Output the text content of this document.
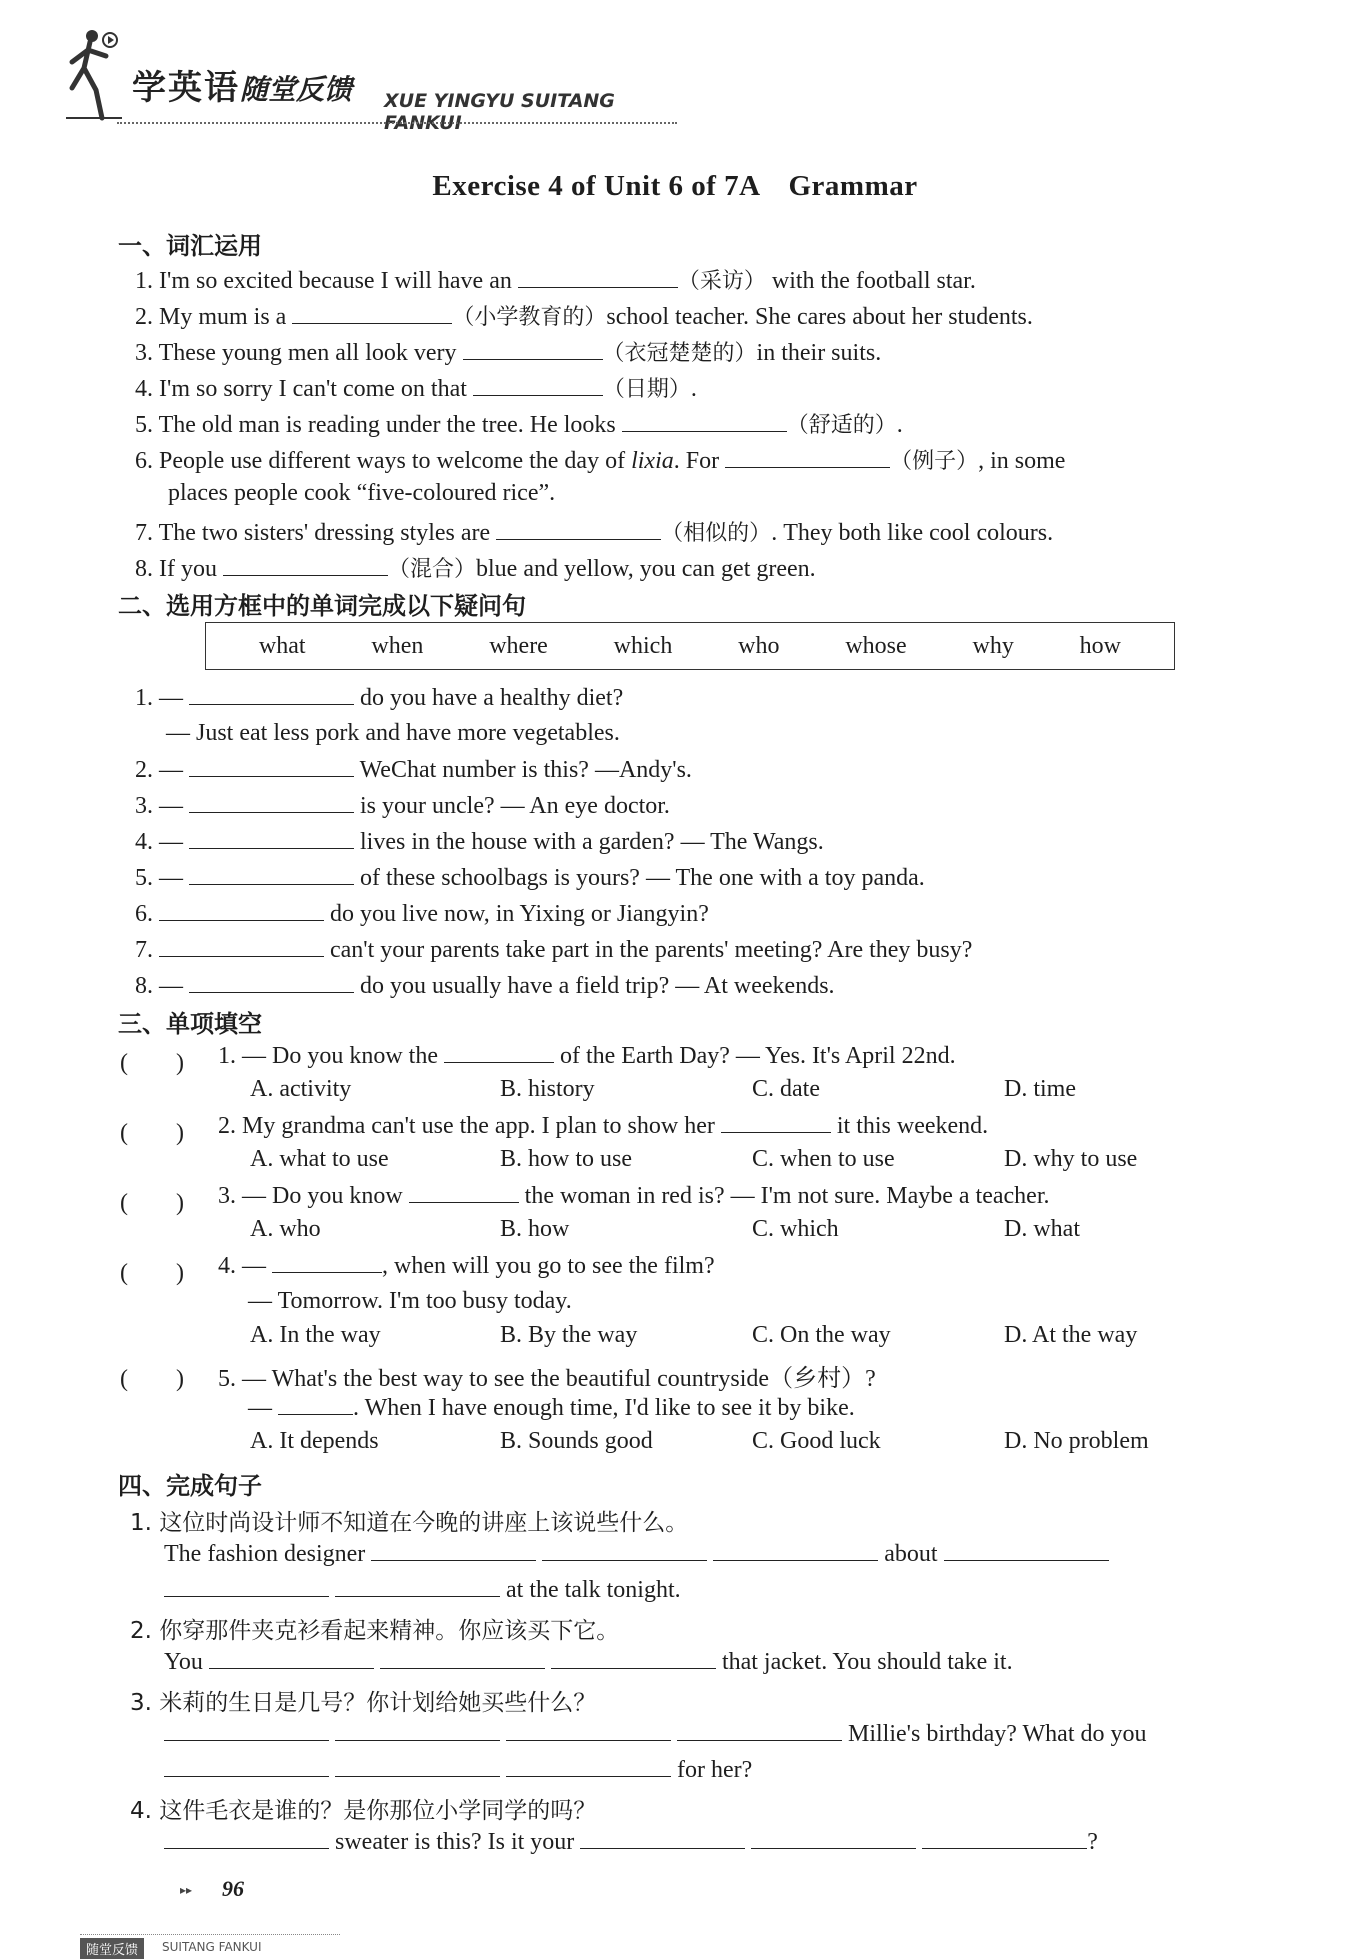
学英语 随堂反馈 XUE YINGYU SUITANG FANKUI
Exercise 4 of Unit 6 of 7A　Grammar
一、词汇运用
1. I'm so excited because I will have an	（采访） with the football star.
2. My mum is a	（小学教育的）school teacher. She cares about her students.
3. These young men all look very	（衣冠楚楚的）in their suits.
4. I'm so sorry I can't come on that	（日期）.
5. The old man is reading under the tree. He looks	（舒适的）.
6. People use different ways to welcome the day of lixia. For	（例子）, in some
places people cook “five-coloured rice”.
7. The two sisters' dressing styles are	（相似的）. They both like cool colours.
8. If you	（混合）blue and yellow, you can get green.
二、选用方框中的单词完成以下疑问句
what	when	where	which	who	whose	why	how
1. —	do you have a healthy diet?
— Just eat less pork and have more vegetables.
2. —	WeChat number is this? —Andy's.
3. —	is your uncle? — An eye doctor.
4. —	lives in the house with a garden? — The Wangs.
5. —	of these schoolbags is yours? — The one with a toy panda.
6.	do you live now, in Yixing or Jiangyin?
7.	can't your parents take part in the parents' meeting? Are they busy?
8. —	do you usually have a field trip? — At weekends.
三、单项填空
(　　) 1. — Do you know the	of the Earth Day? — Yes. It's April 22nd.
A. activity	B. history	C. date	D. time
(　　) 2. My grandma can't use the app. I plan to show her	it this weekend.
A. what to use	B. how to use	C. when to use	D. why to use
(　　) 3. — Do you know	the woman in red is? — I'm not sure. Maybe a teacher.
A. who	B. how	C. which	D. what
(　　) 4. —	, when will you go to see the film?
— Tomorrow. I'm too busy today.
A. In the way	B. By the way	C. On the way	D. At the way
(　　) 5. — What's the best way to see the beautiful countryside（乡村）?
—	. When I have enough time, I'd like to see it by bike.
A. It depends	B. Sounds good	C. Good luck	D. No problem
四、完成句子
1. 这位时尚设计师不知道在今晚的讲座上该说些什么。
The fashion designer	about
at the talk tonight.
2. 你穿那件夹克衫看起来精神。你应该买下它。
You	that jacket. You should take it.
3. 米莉的生日是几号？你计划给她买些什么？
Millie's birthday? What do you
for her?
4. 这件毛衣是谁的？是你那位小学同学的吗？
sweater is this? Is it your	?
▸▸ 96
随堂反馈	SUITANG FANKUI
